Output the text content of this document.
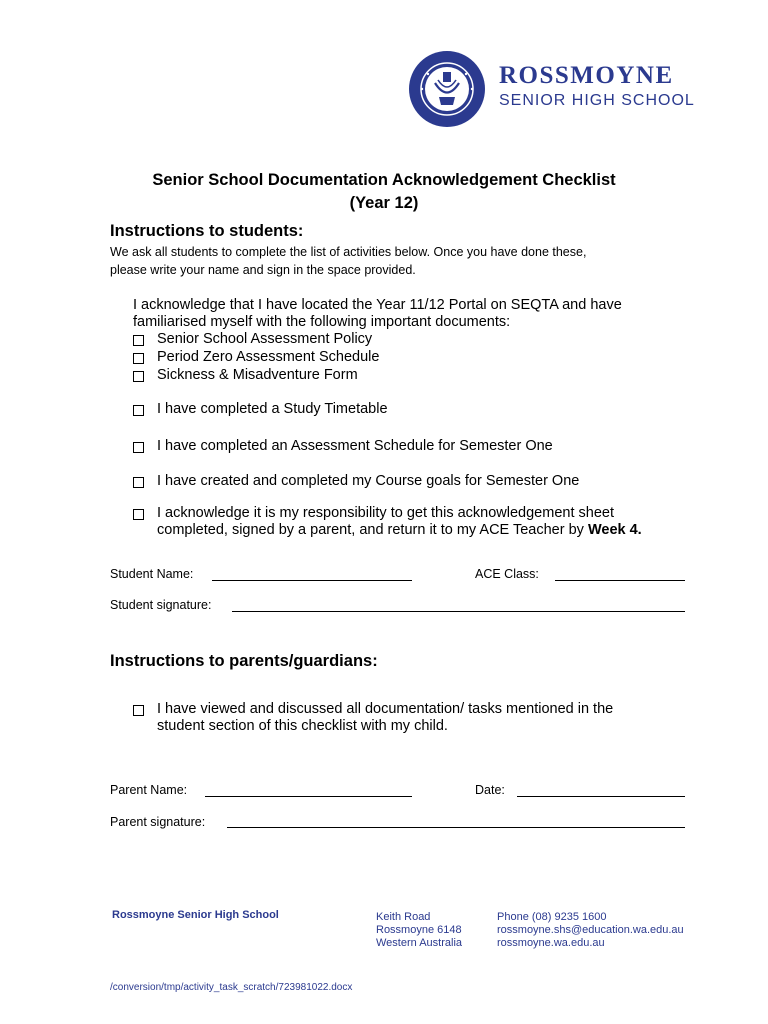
ROSSMOYNE
SENIOR HIGH SCHOOL
Senior School Documentation Acknowledgement Checklist
(Year 12)
Instructions to students:
We ask all students to complete the list of activities below. Once you have done these,
please write your name and sign in the space provided.
I acknowledge that I have located the Year 11/12 Portal on SEQTA and have
familiarised myself with the following important documents:
Senior School Assessment Policy
Period Zero Assessment Schedule
Sickness & Misadventure Form
I have completed a Study Timetable
I have completed an Assessment Schedule for Semester One
I have created and completed my Course goals for Semester One
I acknowledge it is my responsibility to get this acknowledgement sheet
completed, signed by a parent, and return it to my ACE Teacher by Week 4.
Student Name:	ACE Class:
Student signature:
Instructions to parents/guardians:
I have viewed and discussed all documentation/ tasks mentioned in the
student section of this checklist with my child.
Parent Name:	Date:
Parent signature:
Rossmoyne Senior High School	Keith Road
Rossmoyne 6148
Western Australia
Phone (08) 9235 1600
rossmoyne.shs@education.wa.edu.au
rossmoyne.wa.edu.au
/conversion/tmp/activity_task_scratch/723981022.docx
